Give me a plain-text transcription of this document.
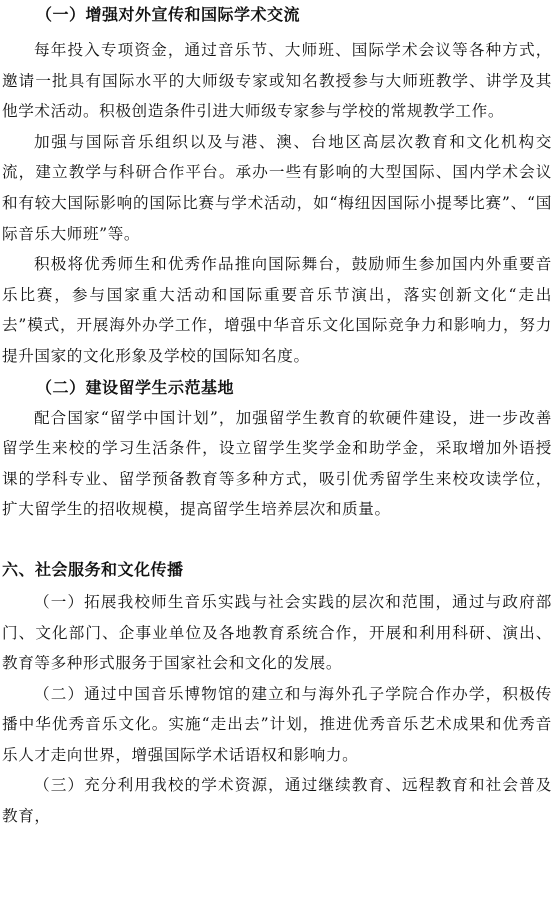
（一）增强对外宣传和国际学术交流

每年投入专项资金，通过音乐节、大师班、国际学术会议等各种方式，邀请一批具有国际水平的大师级专家或知名教授参与大师班教学、讲学及其他学术活动。积极创造条件引进大师级专家参与学校的常规教学工作。

加强与国际音乐组织以及与港、澳、台地区高层次教育和文化机构交流，建立教学与科研合作平台。承办一些有影响的大型国际、国内学术会议和有较大国际影响的国际比赛与学术活动，如“梅纽因国际小提琴比赛”、“国际音乐大师班”等。

积极将优秀师生和优秀作品推向国际舞台，鼓励师生参加国内外重要音乐比赛，参与国家重大活动和国际重要音乐节演出，落实创新文化“走出去”模式，开展海外办学工作，增强中华音乐文化国际竞争力和影响力，努力提升国家的文化形象及学校的国际知名度。

（二）建设留学生示范基地

配合国家“留学中国计划”，加强留学生教育的软硬件建设，进一步改善留学生来校的学习生活条件，设立留学生奖学金和助学金，采取增加外语授课的学科专业、留学预备教育等多种方式，吸引优秀留学生来校攻读学位，扩大留学生的招收规模，提高留学生培养层次和质量。

六、社会服务和文化传播

（一）拓展我校师生音乐实践与社会实践的层次和范围，通过与政府部门、文化部门、企事业单位及各地教育系统合作，开展和利用科研、演出、教育等多种形式服务于国家社会和文化的发展。

（二）通过中国音乐博物馆的建立和与海外孔子学院合作办学，积极传播中华优秀音乐文化。实施“走出去”计划，推进优秀音乐艺术成果和优秀音乐人才走向世界，增强国际学术话语权和影响力。

（三）充分利用我校的学术资源，通过继续教育、远程教育和社会普及教育，
